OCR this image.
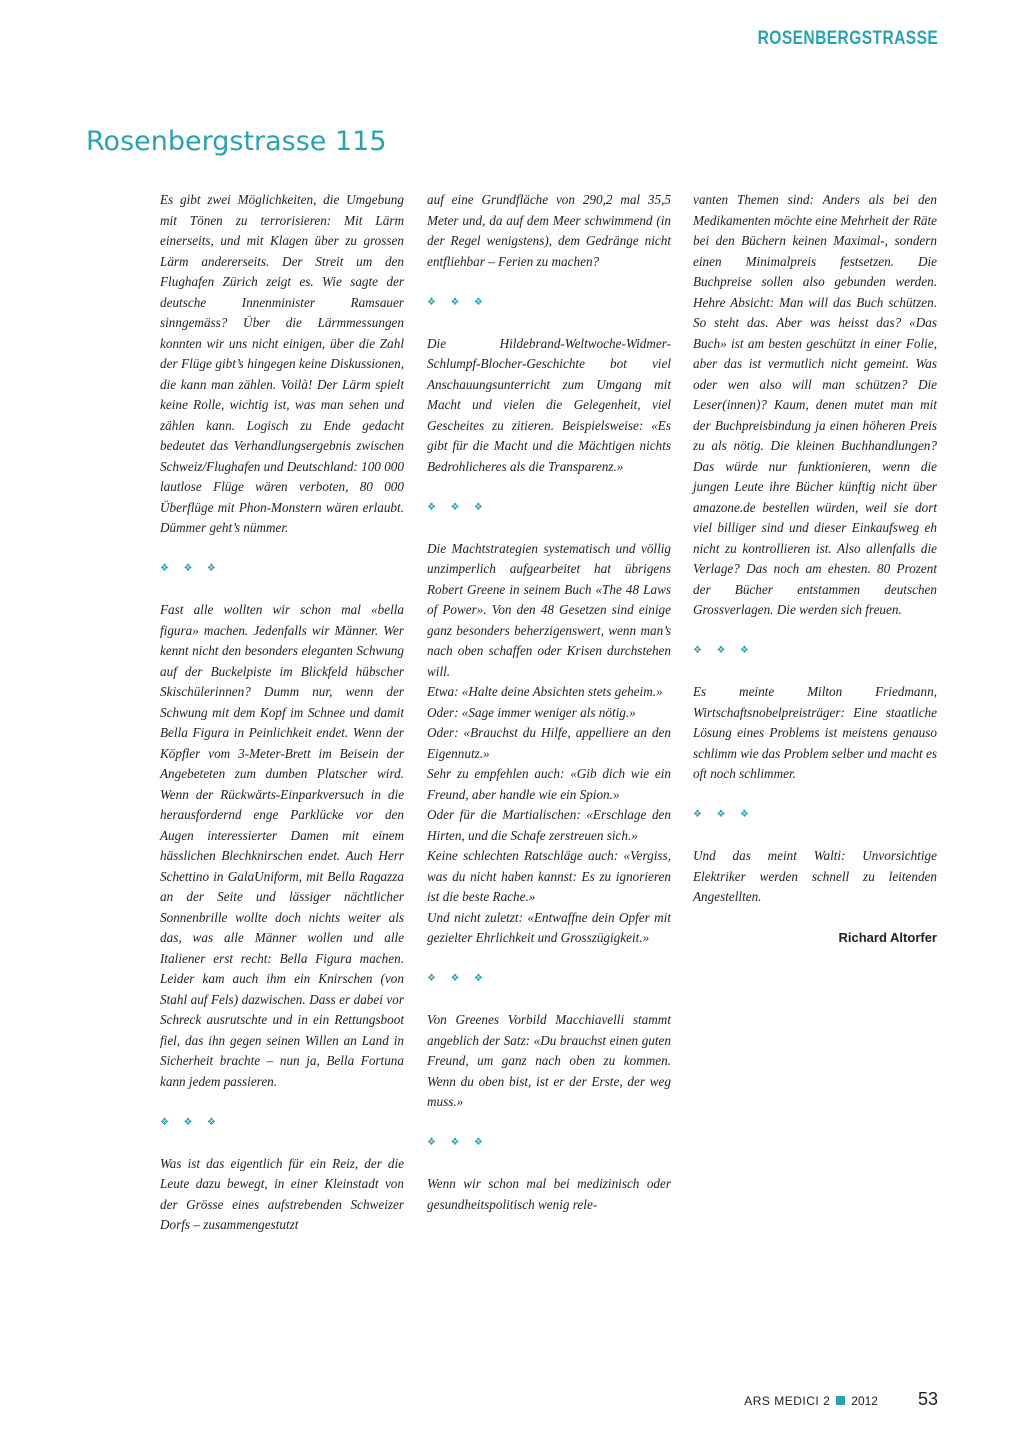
ROSENBERGSTRASSE
Rosenbergstrasse 115

Es gibt zwei Möglichkeiten, die Umgebung mit Tönen zu terrorisieren: Mit Lärm einerseits, und mit Klagen über zu grossen Lärm andererseits. Der Streit um den Flughafen Zürich zeigt es. Wie sagte der deutsche Innenminister Ramsauer sinngemäss? Über die Lärmmessungen konnten wir uns nicht einigen, über die Zahl der Flüge gibt’s hingegen keine Diskussionen, die kann man zählen. Voilà! Der Lärm spielt keine Rolle, wichtig ist, was man sehen und zählen kann. Logisch zu Ende gedacht bedeutet das Verhandlungsergebnis zwischen Schweiz/Flughafen und Deutschland: 100 000 lautlose Flüge wären verboten, 80 000 Überflüge mit Phon-Monstern wären erlaubt. Dümmer geht’s nümmer.

❖ ❖ ❖

Fast alle wollten wir schon mal «bella figura» machen. Jedenfalls wir Männer. Wer kennt nicht den besonders eleganten Schwung auf der Buckelpiste im Blickfeld hübscher Skischülerinnen? Dumm nur, wenn der Schwung mit dem Kopf im Schnee und damit Bella Figura in Peinlichkeit endet. Wenn der Köpfler vom 3-Meter-Brett im Beisein der Angebeteten zum dumben Platscher wird. Wenn der Rückwärts-Einparkversuch in die herausfordernd enge Parklücke vor den Augen interessierter Damen mit einem hässlichen Blechknirschen endet. Auch Herr Schettino in GalaUniform, mit Bella Ragazza an der Seite und lässiger nächtlicher Sonnenbrille wollte doch nichts weiter als das, was alle Männer wollen und alle Italiener erst recht: Bella Figura machen. Leider kam auch ihm ein Knirschen (von Stahl auf Fels) dazwischen. Dass er dabei vor Schreck ausrutschte und in ein Rettungsboot fiel, das ihn gegen seinen Willen an Land in Sicherheit brachte – nun ja, Bella Fortuna kann jedem passieren.

❖ ❖ ❖

Was ist das eigentlich für ein Reiz, der die Leute dazu bewegt, in einer Kleinstadt von der Grösse eines aufstrebenden Schweizer Dorfs – zusammengestutzt

auf eine Grundfläche von 290,2 mal 35,5 Meter und, da auf dem Meer schwimmend (in der Regel wenigstens), dem Gedränge nicht entfliehbar – Ferien zu machen?

❖ ❖ ❖

Die Hildebrand-Weltwoche-Widmer-Schlumpf-Blocher-Geschichte bot viel Anschauungsunterricht zum Umgang mit Macht und vielen die Gelegenheit, viel Gescheites zu zitieren. Beispielsweise: «Es gibt für die Macht und die Mächtigen nichts Bedrohlicheres als die Transparenz.»

❖ ❖ ❖

Die Machtstrategien systematisch und völlig unzimperlich aufgearbeitet hat übrigens Robert Greene in seinem Buch «The 48 Laws of Power». Von den 48 Gesetzen sind einige ganz besonders beherzigenswert, wenn man’s nach oben schaffen oder Krisen durchstehen will.

Etwa: «Halte deine Absichten stets geheim.»

Oder: «Sage immer weniger als nötig.»

Oder: «Brauchst du Hilfe, appelliere an den Eigennutz.»

Sehr zu empfehlen auch: «Gib dich wie ein Freund, aber handle wie ein Spion.»

Oder für die Martialischen: «Erschlage den Hirten, und die Schafe zerstreuen sich.»

Keine schlechten Ratschläge auch: «Vergiss, was du nicht haben kannst: Es zu ignorieren ist die beste Rache.»

Und nicht zuletzt: «Entwaffne dein Opfer mit gezielter Ehrlichkeit und Grosszügigkeit.»

❖ ❖ ❖

Von Greenes Vorbild Macchiavelli stammt angeblich der Satz: «Du brauchst einen guten Freund, um ganz nach oben zu kommen. Wenn du oben bist, ist er der Erste, der weg muss.»

❖ ❖ ❖

Wenn wir schon mal bei medizinisch oder gesundheitspolitisch wenig rele-

vanten Themen sind: Anders als bei den Medikamenten möchte eine Mehrheit der Räte bei den Büchern keinen Maximal-, sondern einen Minimalpreis festsetzen. Die Buchpreise sollen also gebunden werden. Hehre Absicht: Man will das Buch schützen. So steht das. Aber was heisst das? «Das Buch» ist am besten geschützt in einer Folie, aber das ist vermutlich nicht gemeint. Was oder wen also will man schützen? Die Leser(innen)? Kaum, denen mutet man mit der Buchpreisbindung ja einen höheren Preis zu als nötig. Die kleinen Buchhandlungen? Das würde nur funktionieren, wenn die jungen Leute ihre Bücher künftig nicht über amazone.de bestellen würden, weil sie dort viel billiger sind und dieser Einkaufsweg eh nicht zu kontrollieren ist. Also allenfalls die Verlage? Das noch am ehesten. 80 Prozent der Bücher entstammen deutschen Grossverlagen. Die werden sich freuen.

❖ ❖ ❖

Es meinte Milton Friedmann, Wirtschaftsnobelpreisträger: Eine staatliche Lösung eines Problems ist meistens genauso schlimm wie das Problem selber und macht es oft noch schlimmer.

❖ ❖ ❖

Und das meint Walti: Unvorsichtige Elektriker werden schnell zu leitenden Angestellten.

Richard Altorfer
ARS MEDICI 2 2012 53
